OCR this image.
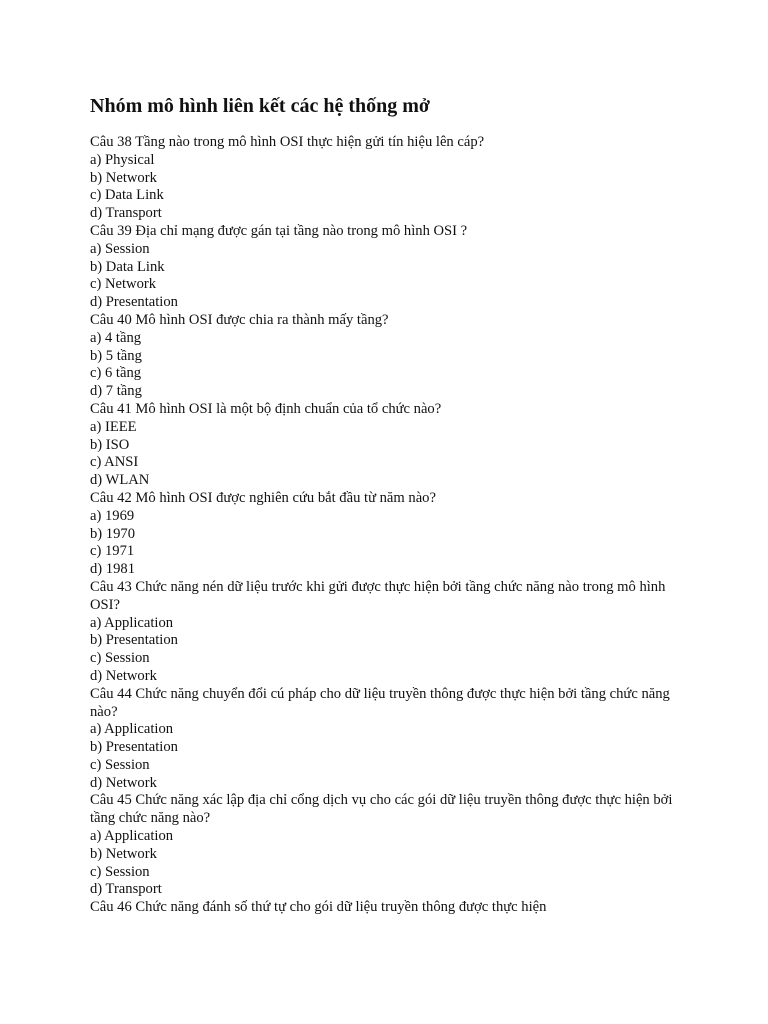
Nhóm mô hình liên kết các hệ thống mở

Câu 38 Tầng nào trong mô hình OSI thực hiện gửi tín hiệu lên cáp?

a) Physical
b) Network
c) Data Link
d) Transport

Câu 39 Địa chỉ mạng được gán tại tầng nào trong mô hình OSI ?

a) Session
b) Data Link
c) Network
d) Presentation

Câu 40 Mô hình OSI được chia ra thành mấy tầng?

a) 4 tầng
b) 5 tầng
c) 6 tầng
d) 7 tầng

Câu 41 Mô hình OSI là một bộ định chuẩn của tổ chức nào?

a) IEEE
b) ISO
c) ANSI
d) WLAN

Câu 42 Mô hình OSI được nghiên cứu bắt đầu từ năm nào?

a) 1969
b) 1970
c) 1971
d) 1981

Câu 43 Chức năng nén dữ liệu trước khi gửi được thực hiện bởi tầng chức năng nào trong mô hình OSI?

a) Application
b) Presentation
c) Session
d) Network

Câu 44 Chức năng chuyển đổi cú pháp cho dữ liệu truyền thông được thực hiện bởi tầng chức năng nào?

a) Application
b) Presentation
c) Session
d) Network

Câu 45 Chức năng xác lập địa chỉ cổng dịch vụ cho các gói dữ liệu truyền thông được thực hiện bởi tầng chức năng nào?

a) Application
b) Network
c) Session
d) Transport

Câu 46 Chức năng đánh số thứ tự cho gói dữ liệu truyền thông được thực hiện
